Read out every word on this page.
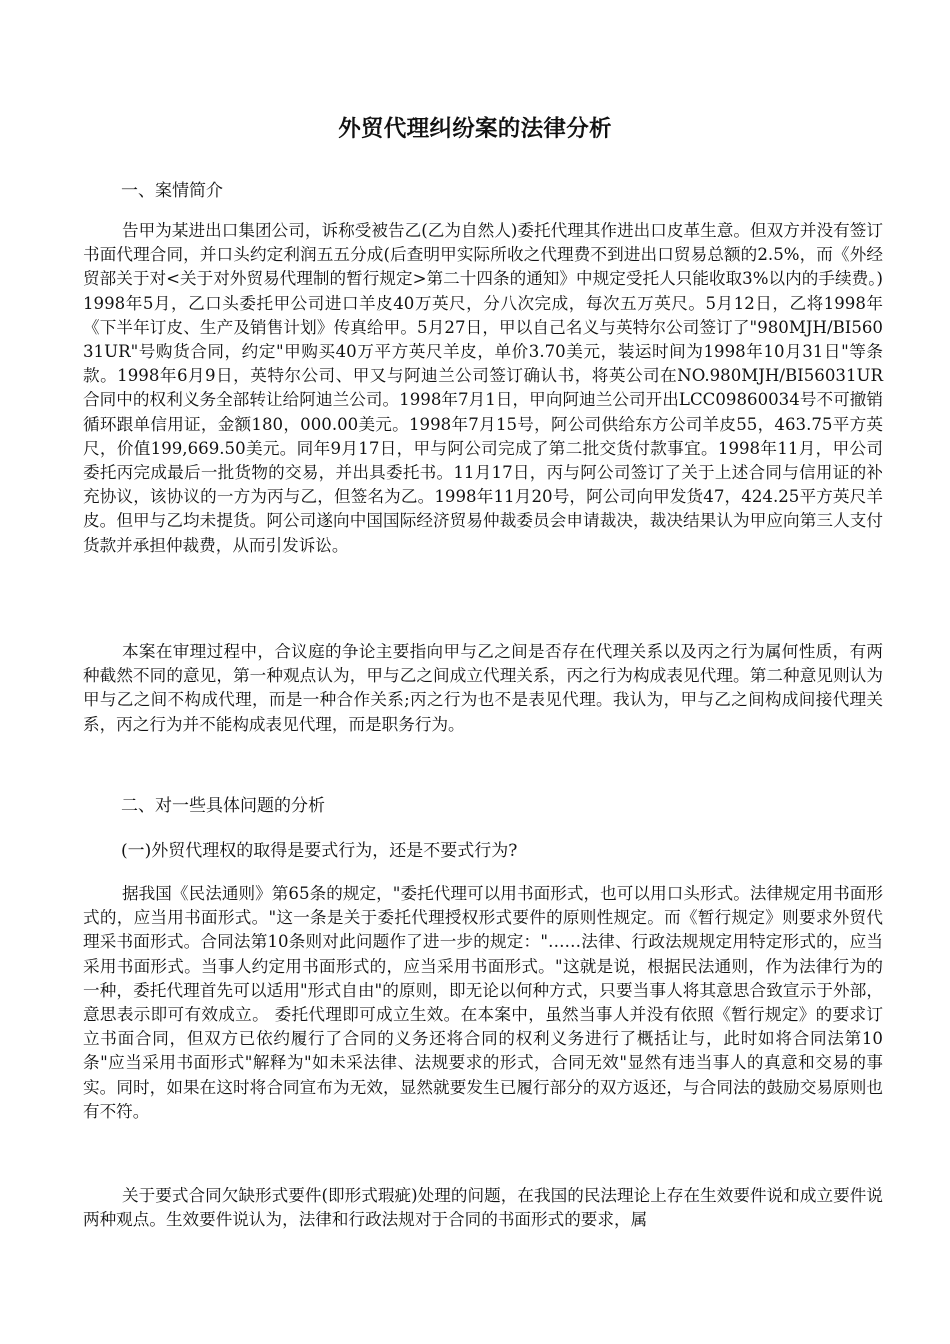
外贸代理纠纷案的法律分析

一、案情简介

告甲为某进出口集团公司，诉称受被告乙(乙为自然人)委托代理其作进出口皮革生意。但双方并没有签订书面代理合同，并口头约定利润五五分成(后查明甲实际所收之代理费不到进出口贸易总额的2.5%，而《外经贸部关于对<关于对外贸易代理制的暂行规定>第二十四条的通知》中规定受托人只能收取3%以内的手续费。)1998年5月，乙口头委托甲公司进口羊皮40万英尺，分八次完成，每次五万英尺。5月12日，乙将1998年《下半年订皮、生产及销售计划》传真给甲。5月27日，甲以自己名义与英特尔公司签订了"980MJH/BI56031UR"号购货合同，约定"甲购买40万平方英尺羊皮，单价3.70美元，装运时间为1998年10月31日"等条款。1998年6月9日，英特尔公司、甲又与阿迪兰公司签订确认书，将英公司在NO.980MJH/BI56031UR合同中的权利义务全部转让给阿迪兰公司。1998年7月1日，甲向阿迪兰公司开出LCC09860034号不可撤销循环跟单信用证，金额180，000.00美元。1998年7月15号，阿公司供给东方公司羊皮55，463.75平方英尺，价值199,669.50美元。同年9月17日，甲与阿公司完成了第二批交货付款事宜。1998年11月，甲公司委托丙完成最后一批货物的交易，并出具委托书。11月17日，丙与阿公司签订了关于上述合同与信用证的补充协议，该协议的一方为丙与乙，但签名为乙。1998年11月20号，阿公司向甲发货47，424.25平方英尺羊皮。但甲与乙均未提货。阿公司遂向中国国际经济贸易仲裁委员会申请裁决，裁决结果认为甲应向第三人支付货款并承担仲裁费，从而引发诉讼。

本案在审理过程中，合议庭的争论主要指向甲与乙之间是否存在代理关系以及丙之行为属何性质，有两种截然不同的意见，第一种观点认为，甲与乙之间成立代理关系，丙之行为构成表见代理。第二种意见则认为甲与乙之间不构成代理，而是一种合作关系;丙之行为也不是表见代理。我认为，甲与乙之间构成间接代理关系，丙之行为并不能构成表见代理，而是职务行为。

二、对一些具体问题的分析

(一)外贸代理权的取得是要式行为，还是不要式行为?

据我国《民法通则》第65条的规定，"委托代理可以用书面形式，也可以用口头形式。法律规定用书面形式的，应当用书面形式。"这一条是关于委托代理授权形式要件的原则性规定。而《暂行规定》则要求外贸代理采书面形式。合同法第10条则对此问题作了进一步的规定："……法律、行政法规规定用特定形式的，应当采用书面形式。当事人约定用书面形式的，应当采用书面形式。"这就是说，根据民法通则，作为法律行为的一种，委托代理首先可以适用"形式自由"的原则，即无论以何种方式，只要当事人将其意思合致宣示于外部，意思表示即可有效成立。 委托代理即可成立生效。在本案中，虽然当事人并没有依照《暂行规定》的要求订立书面合同，但双方已依约履行了合同的义务还将合同的权利义务进行了概括让与，此时如将合同法第10条"应当采用书面形式"解释为"如未采法律、法规要求的形式，合同无效"显然有违当事人的真意和交易的事实。同时，如果在这时将合同宣布为无效，显然就要发生已履行部分的双方返还，与合同法的鼓励交易原则也有不符。

关于要式合同欠缺形式要件(即形式瑕疵)处理的问题，在我国的民法理论上存在生效要件说和成立要件说两种观点。生效要件说认为，法律和行政法规对于合同的书面形式的要求，属
